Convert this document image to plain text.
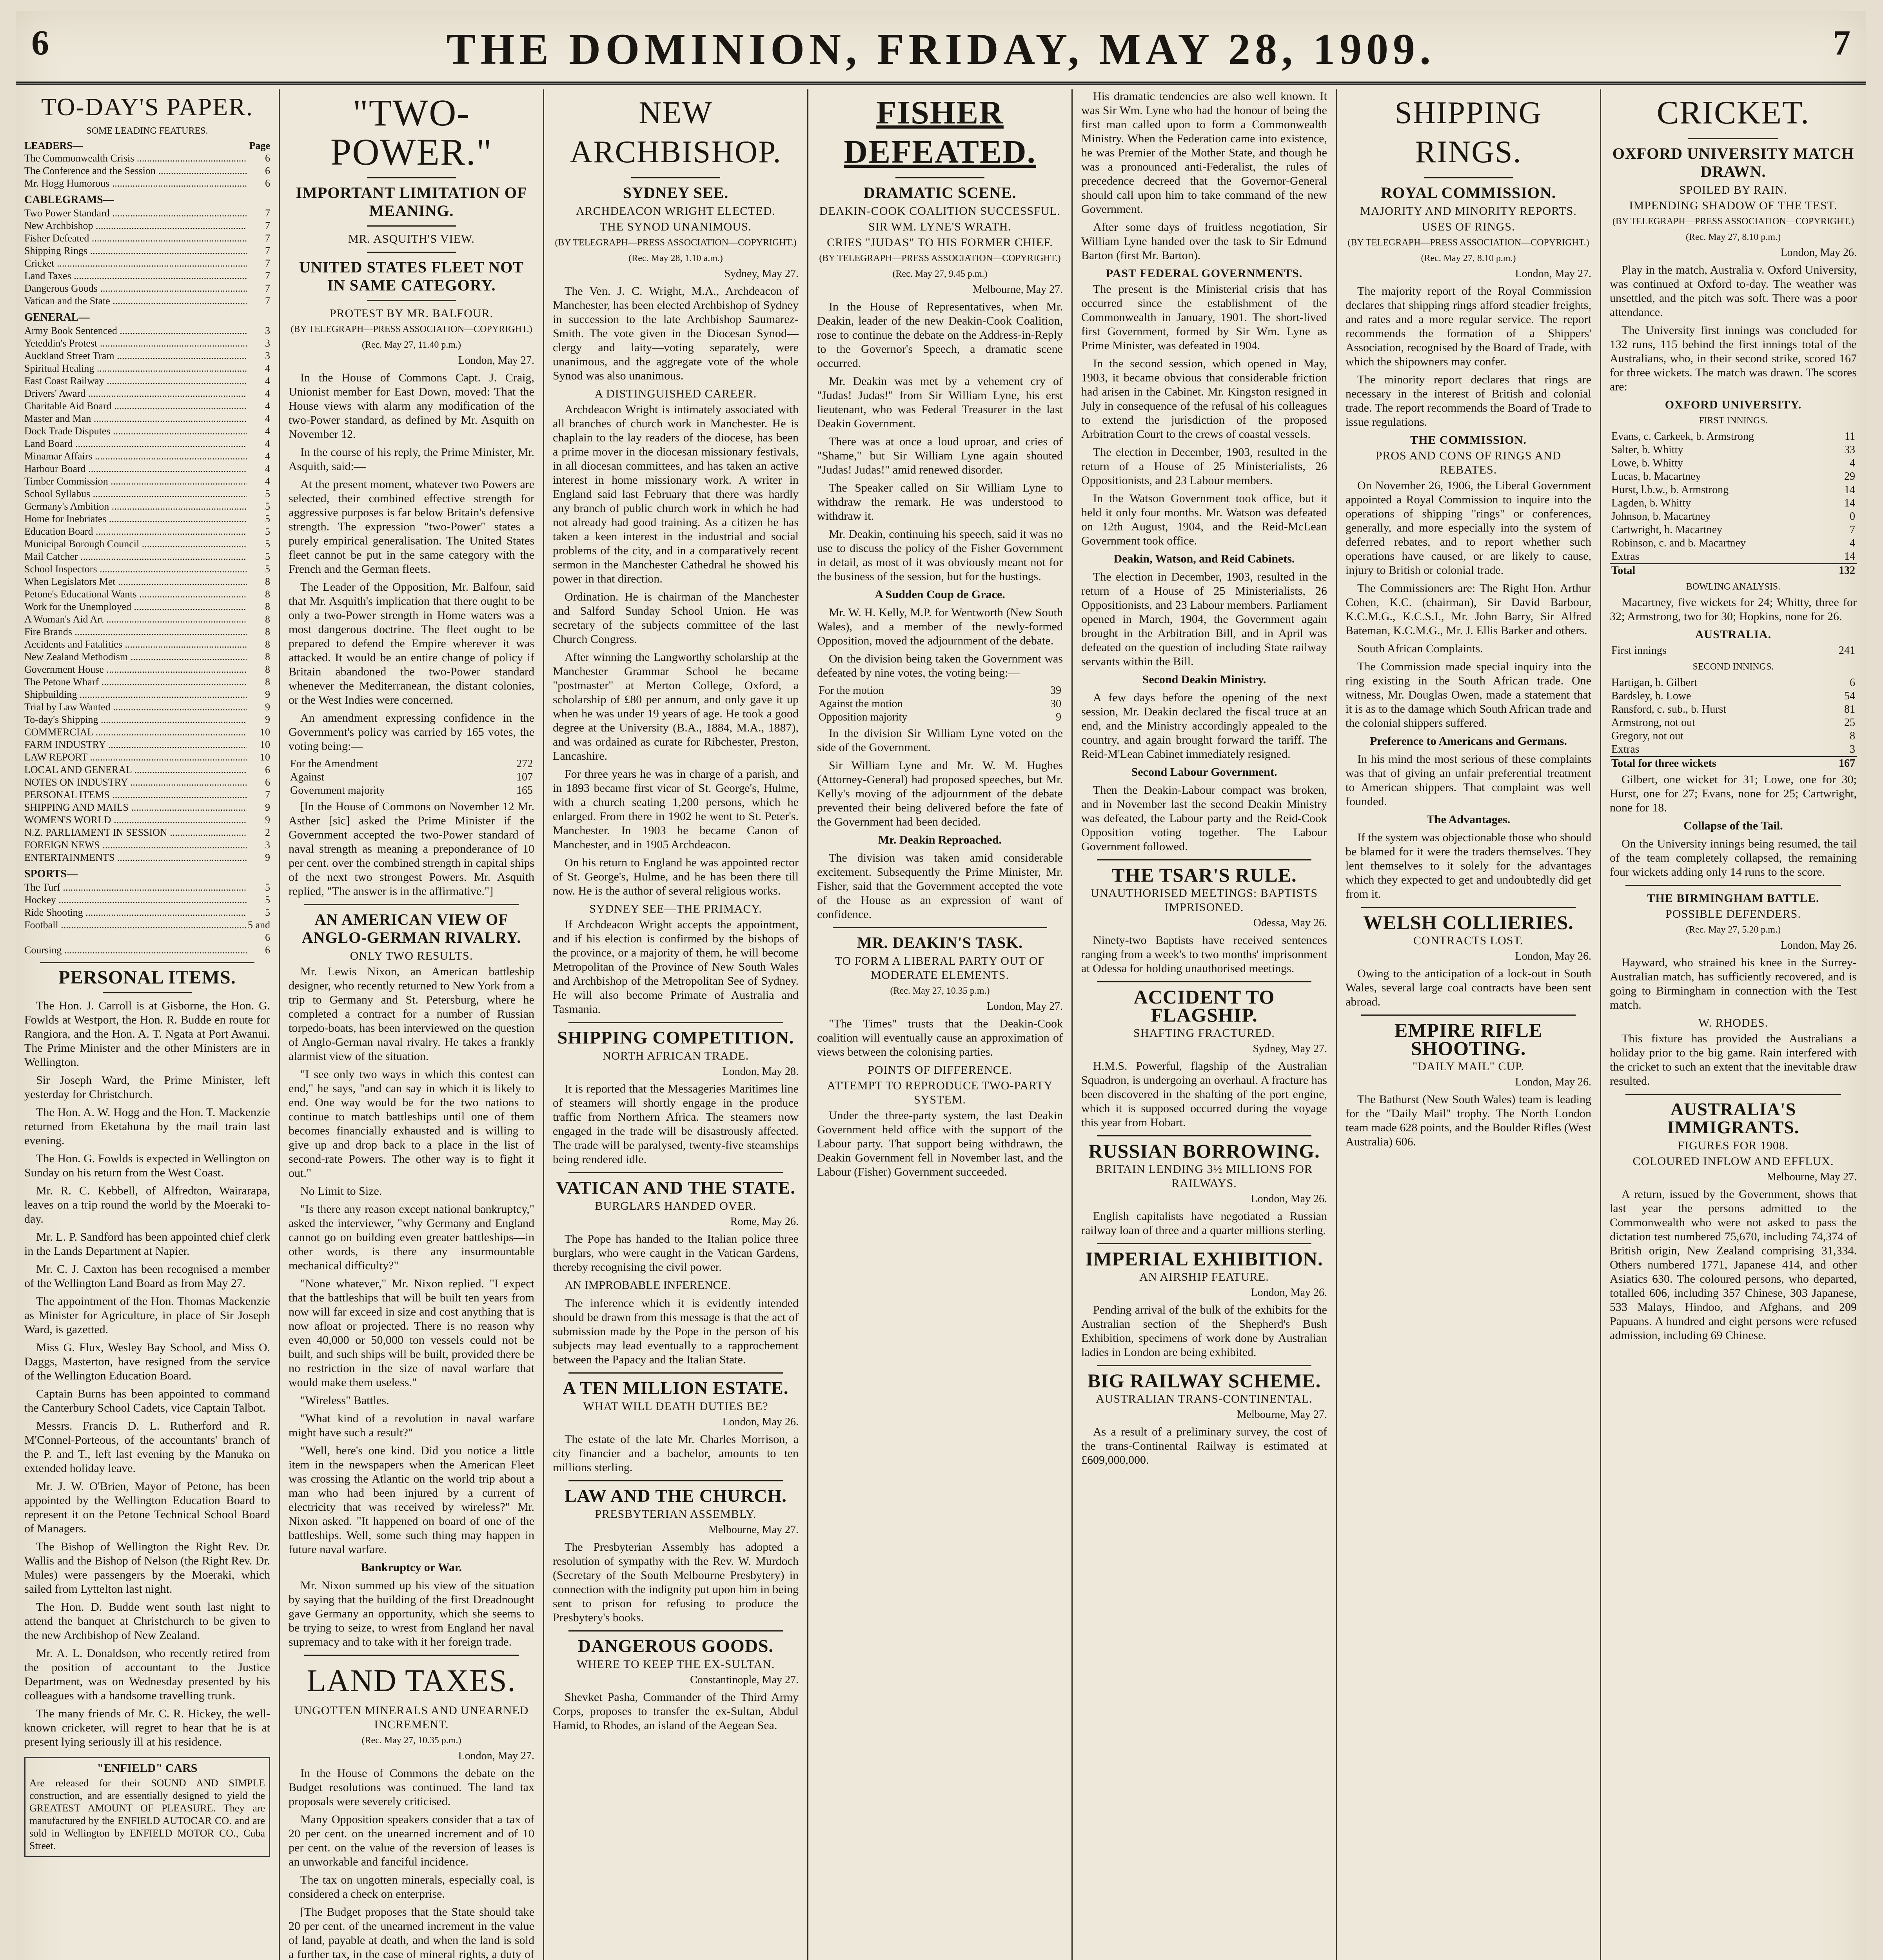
6	THE DOMINION, FRIDAY, MAY 28, 1909.	7
TO-DAY'S PAPER.
SOME LEADING FEATURES.
LEADERS—	Page
The Commonwealth Crisis .....	6
The Conference and the Session .....	6
Mr. Hogg Humorous .....	6
CABLEGRAMS—
Two Power Standard .....	7
New Archbishop .....	7
Fisher Defeated .....	7
Shipping Rings .....	7
Cricket .....	7
Land Taxes .....	7
Dangerous Goods .....	7
Vatican and the State .....	7
GENERAL—
Army Book Sentenced .....	3
Yeteddin's Protest .....	3
Auckland Street Tram .....	3
Spiritual Healing .....	4
East Coast Railway .....	4
Drivers' Award .....	4
Charitable Aid Board .....	4
Master and Man .....	4
Dock Trade Disputes .....	4
Land Board .....	4
Minamar Affairs .....	4
Harbour Board .....	4
Timber Commission .....	4
School Syllabus .....	5
Germany's Ambition .....	5
Home for Inebriates .....	5
Education Board .....	5
Municipal Borough Council .....	5
Mail Catcher .....	5
School Inspectors .....	5
When Legislators Met .....	8
Petone's Educational Wants .....	8
Work for the Unemployed .....	8
A Woman's Aid Art .....	8
Fire Brands .....	8
Accidents and Fatalities .....	8
New Zealand Methodism .....	8
Government House .....	8
The Petone Wharf .....	8
Shipbuilding .....	9
Trial by Law Wanted .....	9
To-day's Shipping .....	9
COMMERCIAL .....	10
FARM INDUSTRY .....	10
LAW REPORT .....	10
LOCAL AND GENERAL .....	6
NOTES ON INDUSTRY .....	6
PERSONAL ITEMS .....	7
SHIPPING AND MAILS .....	9
WOMEN'S WORLD .....	9
N.Z. PARLIAMENT IN SESSION .....	2
FOREIGN NEWS .....	3
ENTERTAINMENTS .....	9
SPORTS—
The Turf .....	5
Hockey .....	5
Ride Shooting .....	5
Football .....	5 and 6
Coursing .....	6
PERSONAL ITEMS.

The Hon. J. Carroll is at Gisborne, the Hon. G. Fowlds at Westport, the Hon. R. Budde en route for Rangiora, and the Hon. A. T. Ngata at Port Awanui. The Prime Minister and the other Ministers are in Wellington.

Sir Joseph Ward, the Prime Minister, left yesterday for Christchurch.

The Hon. A. W. Hogg and the Hon. T. Mackenzie returned from Eketahuna by the mail train last evening.

The Hon. G. Fowlds is expected in Wellington on Sunday on his return from the West Coast.

Mr. R. C. Kebbell, of Alfredton, Wairarapa, leaves on a trip round the world by the Moeraki to-day.

Mr. L. P. Sandford has been appointed chief clerk in the Lands Department at Napier.

Mr. C. J. Caxton has been recognised a member of the Wellington Land Board as from May 27.

The appointment of the Hon. Thomas Mackenzie as Minister for Agriculture, in place of Sir Joseph Ward, is gazetted.

Miss G. Flux, Wesley Bay School, and Miss O. Daggs, Masterton, have resigned from the service of the Wellington Education Board.

Captain Burns has been appointed to command the Canterbury School Cadets, vice Captain Talbot.

Messrs. Francis D. L. Rutherford and R. M'Connel-Porteous, of the accountants' branch of the P. and T., left last evening by the Manuka on extended holiday leave.

Mr. J. W. O'Brien, Mayor of Petone, has been appointed by the Wellington Education Board to represent it on the Petone Technical School Board of Managers.

The Bishop of Wellington the Right Rev. Dr. Wallis and the Bishop of Nelson (the Right Rev. Dr. Mules) were passengers by the Moeraki, which sailed from Lyttelton last night.

The Hon. D. Budde went south last night to attend the banquet at Christchurch to be given to the new Archbishop of New Zealand.

Mr. A. L. Donaldson, who recently retired from the position of accountant to the Justice Department, was on Wednesday presented by his colleagues with a handsome travelling trunk.

The many friends of Mr. C. R. Hickey, the well-known cricketer, will regret to hear that he is at present lying seriously ill at his residence.

"ENFIELD" CARS
Are released for their SOUND AND SIMPLE construction, and are essentially designed to yield the GREATEST AMOUNT OF PLEASURE. They are manufactured by the ENFIELD AUTOCAR CO. and are sold in Wellington by ENFIELD MOTOR CO., Cuba Street.
"TWO-POWER."
IMPORTANT LIMITATION OF MEANING.
MR. ASQUITH'S VIEW.
UNITED STATES FLEET NOT IN SAME CATEGORY.
PROTEST BY MR. BALFOUR.
(BY TELEGRAPH—PRESS ASSOCIATION—COPYRIGHT.)
(Rec. May 27, 11.40 p.m.)
London, May 27.

In the House of Commons Capt. J. Craig, Unionist member for East Down, moved: That the House views with alarm any modification of the two-Power standard, as defined by Mr. Asquith on November 12.

In the course of his reply, the Prime Minister, Mr. Asquith, said:—

At the present moment, whatever two Powers are selected, their combined effective strength for aggressive purposes is far below Britain's defensive strength. The expression "two-Power" states a purely empirical generalisation. The United States fleet cannot be put in the same category with the French and the German fleets.

The Leader of the Opposition, Mr. Balfour, said that Mr. Asquith's implication that there ought to be only a two-Power strength in Home waters was a most dangerous doctrine. The fleet ought to be prepared to defend the Empire wherever it was attacked. It would be an entire change of policy if Britain abandoned the two-Power standard whenever the Mediterranean, the distant colonies, or the West Indies were concerned.

An amendment expressing confidence in the Government's policy was carried by 165 votes, the voting being:—

For the Amendment	272
Against	107
Government majority	165

[In the House of Commons on November 12 Mr. Asther [sic] asked the Prime Minister if the Government accepted the two-Power standard of naval strength as meaning a preponderance of 10 per cent. over the combined strength in capital ships of the next two strongest Powers. Mr. Asquith replied, "The answer is in the affirmative."]

AN AMERICAN VIEW OF ANGLO-GERMAN RIVALRY.
ONLY TWO RESULTS.

Mr. Lewis Nixon, an American battleship designer, who recently returned to New York from a trip to Germany and St. Petersburg, where he completed a contract for a number of Russian torpedo-boats, has been interviewed on the question of Anglo-German naval rivalry. He takes a frankly alarmist view of the situation.

"I see only two ways in which this contest can end," he says, "and can say in which it is likely to end. One way would be for the two nations to continue to match battleships until one of them becomes financially exhausted and is willing to give up and drop back to a place in the list of second-rate Powers. The other way is to fight it out."

No Limit to Size.

"Is there any reason except national bankruptcy," asked the interviewer, "why Germany and England cannot go on building even greater battleships—in other words, is there any insurmountable mechanical difficulty?"

"None whatever," Mr. Nixon replied. "I expect that the battleships that will be built ten years from now will far exceed in size and cost anything that is now afloat or projected. There is no reason why even 40,000 or 50,000 ton vessels could not be built, and such ships will be built, provided there be no restriction in the size of naval warfare that would make them useless."

"Wireless" Battles.

"What kind of a revolution in naval warfare might have such a result?"

"Well, here's one kind. Did you notice a little item in the newspapers when the American Fleet was crossing the Atlantic on the world trip about a man who had been injured by a current of electricity that was received by wireless?" Mr. Nixon asked. "It happened on board of one of the battleships. Well, some such thing may happen in future naval warfare.

Bankruptcy or War.

Mr. Nixon summed up his view of the situation by saying that the building of the first Dreadnought gave Germany an opportunity, which she seems to be trying to seize, to wrest from England her naval supremacy and to take with it her foreign trade.

LAND TAXES.
UNGOTTEN MINERALS AND UNEARNED INCREMENT.
(Rec. May 27, 10.35 p.m.)
London, May 27.

In the House of Commons the debate on the Budget resolutions was continued. The land tax proposals were severely criticised.

Many Opposition speakers consider that a tax of 20 per cent. on the unearned increment and of 10 per cent. on the value of the reversion of leases is an unworkable and fanciful incidence.

The tax on ungotten minerals, especially coal, is considered a check on enterprise.

[The Budget proposes that the State should take 20 per cent. of the unearned increment in the value of land, payable at death, and when the land is sold a further tax, in the case of mineral rights, a duty of

NEW ARCHBISHOP.
SYDNEY SEE.
ARCHDEACON WRIGHT ELECTED.
THE SYNOD UNANIMOUS.
(BY TELEGRAPH—PRESS ASSOCIATION—COPYRIGHT.)
(Rec. May 28, 1.10 a.m.)
Sydney, May 27.

The Ven. J. C. Wright, M.A., Archdeacon of Manchester, has been elected Archbishop of Sydney in succession to the late Archbishop Saumarez-Smith. The vote given in the Diocesan Synod—clergy and laity—voting separately, were unanimous, and the aggregate vote of the whole Synod was also unanimous.

A DISTINGUISHED CAREER.

Archdeacon Wright is intimately associated with all branches of church work in Manchester. He is chaplain to the lay readers of the diocese, has been a prime mover in the diocesan missionary festivals, in all diocesan committees, and has taken an active interest in home missionary work. A writer in England said last February that there was hardly any branch of public church work in which he had not already had good training. As a citizen he has taken a keen interest in the industrial and social problems of the city, and in a comparatively recent sermon in the Manchester Cathedral he showed his power in that direction.

Ordination. He is chairman of the Manchester and Salford Sunday School Union. He was secretary of the subjects committee of the last Church Congress.

After winning the Langworthy scholarship at the Manchester Grammar School he became "postmaster" at Merton College, Oxford, a scholarship of £80 per annum, and only gave it up when he was under 19 years of age. He took a good degree at the University (B.A., 1884, M.A., 1887), and was ordained as curate for Ribchester, Preston, Lancashire.

For three years he was in charge of a parish, and in 1893 became first vicar of St. George's, Hulme, with a church seating 1,200 persons, which he enlarged. From there in 1902 he went to St. Peter's. Manchester. In 1903 he became Canon of Manchester, and in 1905 Archdeacon.

On his return to England he was appointed rector of St. George's, Hulme, and he has been there till now. He is the author of several religious works.

SYDNEY SEE—THE PRIMACY.

If Archdeacon Wright accepts the appointment, and if his election is confirmed by the bishops of the province, or a majority of them, he will become Metropolitan of the Province of New South Wales and Archbishop of the Metropolitan See of Sydney. He will also become Primate of Australia and Tasmania.

SHIPPING COMPETITION.
NORTH AFRICAN TRADE.
London, May 28.

It is reported that the Messageries Maritimes line of steamers will shortly engage in the produce traffic from Northern Africa. The steamers now engaged in the trade will be disastrously affected. The trade will be paralysed, twenty-five steamships being rendered idle.

VATICAN AND THE STATE.
BURGLARS HANDED OVER.
Rome, May 26.

The Pope has handed to the Italian police three burglars, who were caught in the Vatican Gardens, thereby recognising the civil power.

AN IMPROBABLE INFERENCE.

The inference which it is evidently intended should be drawn from this message is that the act of submission made by the Pope in the person of his subjects may lead eventually to a rapprochement between the Papacy and the Italian State.

A TEN MILLION ESTATE.
WHAT WILL DEATH DUTIES BE?
London, May 26.

The estate of the late Mr. Charles Morrison, a city financier and a bachelor, amounts to ten millions sterling.

LAW AND THE CHURCH.
PRESBYTERIAN ASSEMBLY.
Melbourne, May 27.

The Presbyterian Assembly has adopted a resolution of sympathy with the Rev. W. Murdoch (Secretary of the South Melbourne Presbytery) in connection with the indignity put upon him in being sent to prison for refusing to produce the Presbytery's books.

DANGEROUS GOODS.
WHERE TO KEEP THE EX-SULTAN.
Constantinople, May 27.

Shevket Pasha, Commander of the Third Army Corps, proposes to transfer the ex-Sultan, Abdul Hamid, to Rhodes, an island of the Aegean Sea.

FISHER DEFEATED.
DRAMATIC SCENE.
DEAKIN-COOK COALITION SUCCESSFUL.
SIR WM. LYNE'S WRATH.
CRIES "JUDAS" TO HIS FORMER CHIEF.
(BY TELEGRAPH—PRESS ASSOCIATION—COPYRIGHT.)
(Rec. May 27, 9.45 p.m.)
Melbourne, May 27.

In the House of Representatives, when Mr. Deakin, leader of the new Deakin-Cook Coalition, rose to continue the debate on the Address-in-Reply to the Governor's Speech, a dramatic scene occurred.

Mr. Deakin was met by a vehement cry of "Judas! Judas!" from Sir William Lyne, his erst lieutenant, who was Federal Treasurer in the last Deakin Government.

There was at once a loud uproar, and cries of "Shame," but Sir William Lyne again shouted "Judas! Judas!" amid renewed disorder.

The Speaker called on Sir William Lyne to withdraw the remark. He was understood to withdraw it.

Mr. Deakin, continuing his speech, said it was no use to discuss the policy of the Fisher Government in detail, as most of it was obviously meant not for the business of the session, but for the hustings.

A Sudden Coup de Grace.

Mr. W. H. Kelly, M.P. for Wentworth (New South Wales), and a member of the newly-formed Opposition, moved the adjournment of the debate.

On the division being taken the Government was defeated by nine votes, the voting being:—

For the motion	39
Against the motion	30
Opposition majority	9

In the division Sir William Lyne voted on the side of the Government.

Sir William Lyne and Mr. W. M. Hughes (Attorney-General) had proposed speeches, but Mr. Kelly's moving of the adjournment of the debate prevented their being delivered before the fate of the Government had been decided.

Mr. Deakin Reproached.

The division was taken amid considerable excitement. Subsequently the Prime Minister, Mr. Fisher, said that the Government accepted the vote of the House as an expression of want of confidence.

MR. DEAKIN'S TASK.
TO FORM A LIBERAL PARTY OUT OF MODERATE ELEMENTS.
(Rec. May 27, 10.35 p.m.)
London, May 27.

"The Times" trusts that the Deakin-Cook coalition will eventually cause an approximation of views between the colonising parties.

POINTS OF DIFFERENCE.
ATTEMPT TO REPRODUCE TWO-PARTY SYSTEM.

Under the three-party system, the last Deakin Government held office with the support of the Labour party. That support being withdrawn, the Deakin Government fell in November last, and the Labour (Fisher) Government succeeded.

His dramatic tendencies are also well known. It was Sir Wm. Lyne who had the honour of being the first man called upon to form a Commonwealth Ministry. When the Federation came into existence, he was Premier of the Mother State, and though he was a pronounced anti-Federalist, the rules of precedence decreed that the Governor-General should call upon him to take command of the new Government.

After some days of fruitless negotiation, Sir William Lyne handed over the task to Sir Edmund Barton (first Mr. Barton).

PAST FEDERAL GOVERNMENTS.

The present is the Ministerial crisis that has occurred since the establishment of the Commonwealth in January, 1901. The short-lived first Government, formed by Sir Wm. Lyne as Prime Minister, was defeated in 1904.

In the second session, which opened in May, 1903, it became obvious that considerable friction had arisen in the Cabinet. Mr. Kingston resigned in July in consequence of the refusal of his colleagues to extend the jurisdiction of the proposed Arbitration Court to the crews of coastal vessels.

The election in December, 1903, resulted in the return of a House of 25 Ministerialists, 26 Oppositionists, and 23 Labour members.

In the Watson Government took office, but it held it only four months. Mr. Watson was defeated on 12th August, 1904, and the Reid-McLean Government took office.

Deakin, Watson, and Reid Cabinets.

The election in December, 1903, resulted in the return of a House of 25 Ministerialists, 26 Oppositionists, and 23 Labour members. Parliament opened in March, 1904, the Government again brought in the Arbitration Bill, and in April was defeated on the question of including State railway servants within the Bill.

Second Deakin Ministry.

A few days before the opening of the next session, Mr. Deakin declared the fiscal truce at an end, and the Ministry accordingly appealed to the country, and again brought forward the tariff. The Reid-M'Lean Cabinet immediately resigned.

Second Labour Government.

Then the Deakin-Labour compact was broken, and in November last the second Deakin Ministry was defeated, the Labour party and the Reid-Cook Opposition voting together. The Labour Government followed.

THE TSAR'S RULE.
UNAUTHORISED MEETINGS: BAPTISTS IMPRISONED.
Odessa, May 26.

Ninety-two Baptists have received sentences ranging from a week's to two months' imprisonment at Odessa for holding unauthorised meetings.

ACCIDENT TO FLAGSHIP.
SHAFTING FRACTURED.
Sydney, May 27.

H.M.S. Powerful, flagship of the Australian Squadron, is undergoing an overhaul. A fracture has been discovered in the shafting of the port engine, which it is supposed occurred during the voyage this year from Hobart.

RUSSIAN BORROWING.
BRITAIN LENDING 3½ MILLIONS FOR RAILWAYS.
London, May 26.

English capitalists have negotiated a Russian railway loan of three and a quarter millions sterling.

IMPERIAL EXHIBITION.
AN AIRSHIP FEATURE.
London, May 26.

Pending arrival of the bulk of the exhibits for the Australian section of the Shepherd's Bush Exhibition, specimens of work done by Australian ladies in London are being exhibited.

BIG RAILWAY SCHEME.
AUSTRALIAN TRANS-CONTINENTAL.
Melbourne, May 27.

As a result of a preliminary survey, the cost of the trans-Continental Railway is estimated at £609,000,000.

SHIPPING RINGS.
ROYAL COMMISSION.
MAJORITY AND MINORITY REPORTS.
USES OF RINGS.
(BY TELEGRAPH—PRESS ASSOCIATION—COPYRIGHT.)
(Rec. May 27, 8.10 p.m.)
London, May 27.

The majority report of the Royal Commission declares that shipping rings afford steadier freights, and rates and a more regular service. The report recommends the formation of a Shippers' Association, recognised by the Board of Trade, with which the shipowners may confer.

The minority report declares that rings are necessary in the interest of British and colonial trade. The report recommends the Board of Trade to issue regulations.

THE COMMISSION.
PROS AND CONS OF RINGS AND REBATES.

On November 26, 1906, the Liberal Government appointed a Royal Commission to inquire into the operations of shipping "rings" or conferences, generally, and more especially into the system of deferred rebates, and to report whether such operations have caused, or are likely to cause, injury to British or colonial trade.

The Commissioners are: The Right Hon. Arthur Cohen, K.C. (chairman), Sir David Barbour, K.C.M.G., K.C.S.I., Mr. John Barry, Sir Alfred Bateman, K.C.M.G., Mr. J. Ellis Barker and others.

South African Complaints.

The Commission made special inquiry into the ring existing in the South African trade. One witness, Mr. Douglas Owen, made a statement that it is as to the damage which South African trade and the colonial shippers suffered.

Preference to Americans and Germans.

In his mind the most serious of these complaints was that of giving an unfair preferential treatment to American shippers. That complaint was well founded.

The Advantages.

If the system was objectionable those who should be blamed for it were the traders themselves. They lent themselves to it solely for the advantages which they expected to get and undoubtedly did get from it.

WELSH COLLIERIES.
CONTRACTS LOST.
London, May 26.

Owing to the anticipation of a lock-out in South Wales, several large coal contracts have been sent abroad.

EMPIRE RIFLE SHOOTING.
"DAILY MAIL" CUP.
London, May 26.

The Bathurst (New South Wales) team is leading for the "Daily Mail" trophy. The North London team made 628 points, and the Boulder Rifles (West Australia) 606.

CRICKET.
OXFORD UNIVERSITY MATCH DRAWN.
SPOILED BY RAIN.
IMPENDING SHADOW OF THE TEST.
(BY TELEGRAPH—PRESS ASSOCIATION—COPYRIGHT.)
(Rec. May 27, 8.10 p.m.)
London, May 26.

Play in the match, Australia v. Oxford University, was continued at Oxford to-day. The weather was unsettled, and the pitch was soft. There was a poor attendance.

The University first innings was concluded for 132 runs, 115 behind the first innings total of the Australians, who, in their second strike, scored 167 for three wickets. The match was drawn. The scores are:

OXFORD UNIVERSITY.
FIRST INNINGS.
Evans, c. Carkeek, b. Armstrong	11
Salter, b. Whitty	33
Lowe, b. Whitty	4
Lucas, b. Macartney	29
Hurst, l.b.w., b. Armstrong	14
Lagden, b. Whitty	14
Johnson, b. Macartney	0
Cartwright, b. Macartney	7
Robinson, c. and b. Macartney	4
Extras	14
Total	132
BOWLING ANALYSIS.

Macartney, five wickets for 24; Whitty, three for 32; Armstrong, two for 30; Hopkins, none for 26.

AUSTRALIA.
First innings	241
SECOND INNINGS.
Hartigan, b. Gilbert	6
Bardsley, b. Lowe	54
Ransford, c. sub., b. Hurst	81
Armstrong, not out	25
Gregory, not out	8
Extras	3
Total for three wickets	167

Gilbert, one wicket for 31; Lowe, one for 30; Hurst, one for 27; Evans, none for 25; Cartwright, none for 18.

Collapse of the Tail.

On the University innings being resumed, the tail of the team completely collapsed, the remaining four wickets adding only 14 runs to the score.

THE BIRMINGHAM BATTLE.
POSSIBLE DEFENDERS.
(Rec. May 27, 5.20 p.m.)
London, May 26.

Hayward, who strained his knee in the Surrey-Australian match, has sufficiently recovered, and is going to Birmingham in connection with the Test match.

W. RHODES.

This fixture has provided the Australians a holiday prior to the big game. Rain interfered with the cricket to such an extent that the inevitable draw resulted.

AUSTRALIA'S IMMIGRANTS.
FIGURES FOR 1908.
COLOURED INFLOW AND EFFLUX.
Melbourne, May 27.

A return, issued by the Government, shows that last year the persons admitted to the Commonwealth who were not asked to pass the dictation test numbered 75,670, including 74,374 of British origin, New Zealand comprising 31,334. Others numbered 1771, Japanese 414, and other Asiatics 630. The coloured persons, who departed, totalled 606, including 357 Chinese, 303 Japanese, 533 Malays, Hindoo, and Afghans, and 209 Papuans. A hundred and eight persons were refused admission, including 69 Chinese.
